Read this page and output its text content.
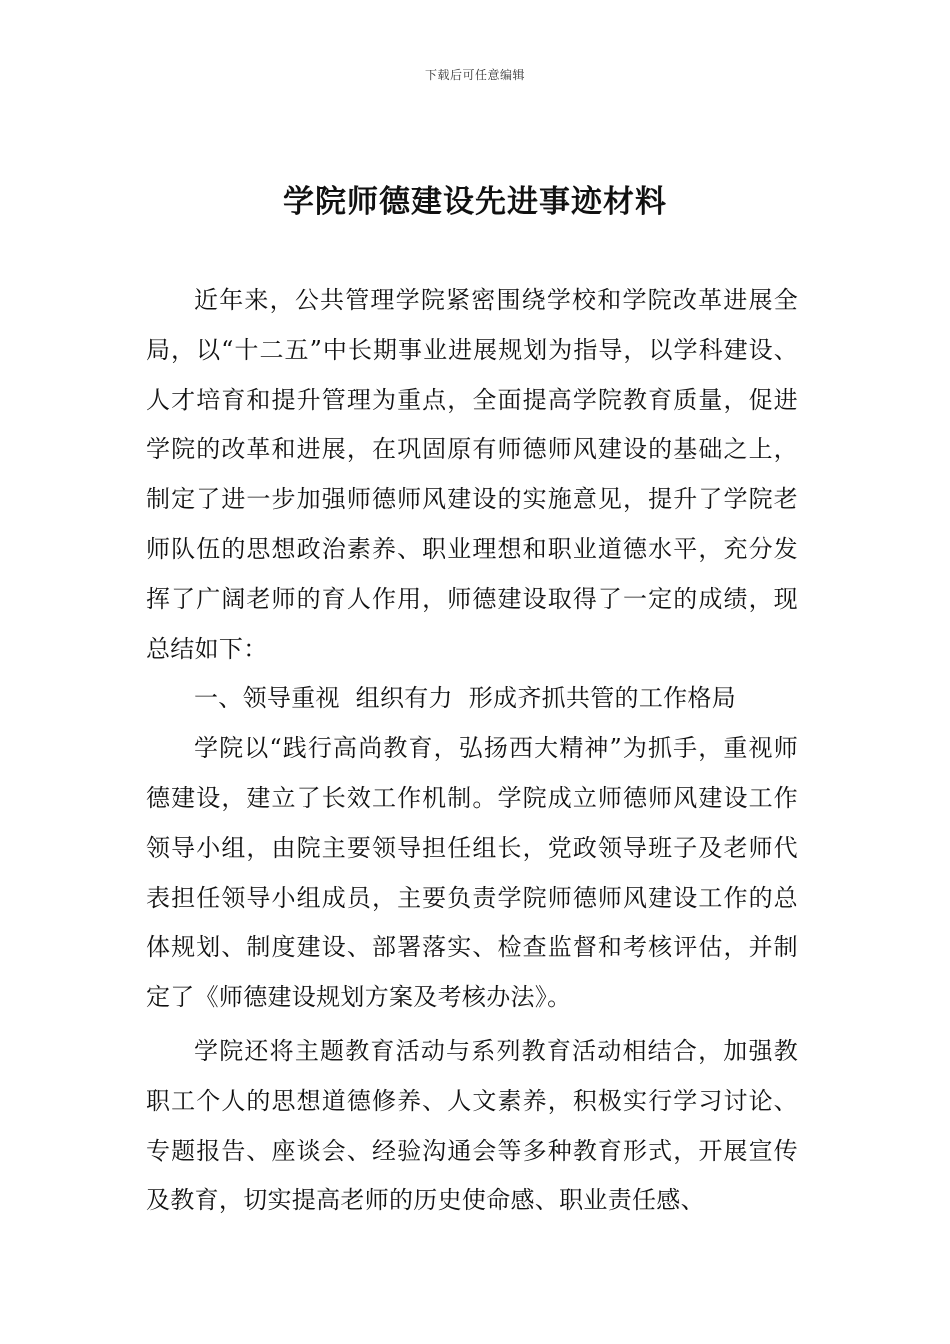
下载后可任意编辑
学院师德建设先进事迹材料

近年来，公共管理学院紧密围绕学校和学院改革进展全局，以“十二五”中长期事业进展规划为指导，以学科建设、人才培育和提升管理为重点，全面提高学院教育质量，促进学院的改革和进展，在巩固原有师德师风建设的基础之上，制定了进一步加强师德师风建设的实施意见，提升了学院老师队伍的思想政治素养、职业理想和职业道德水平，充分发挥了广阔老师的育人作用，师德建设取得了一定的成绩，现总结如下：

一、领导重视  组织有力  形成齐抓共管的工作格局

学院以“践行高尚教育，弘扬西大精神”为抓手，重视师德建设，建立了长效工作机制。学院成立师德师风建设工作领导小组，由院主要领导担任组长，党政领导班子及老师代表担任领导小组成员，主要负责学院师德师风建设工作的总体规划、制度建设、部署落实、检查监督和考核评估，并制定了《师德建设规划方案及考核办法》。

学院还将主题教育活动与系列教育活动相结合，加强教职工个人的思想道德修养、人文素养，积极实行学习讨论、专题报告、座谈会、经验沟通会等多种教育形式，开展宣传及教育，切实提高老师的历史使命感、职业责任感、
